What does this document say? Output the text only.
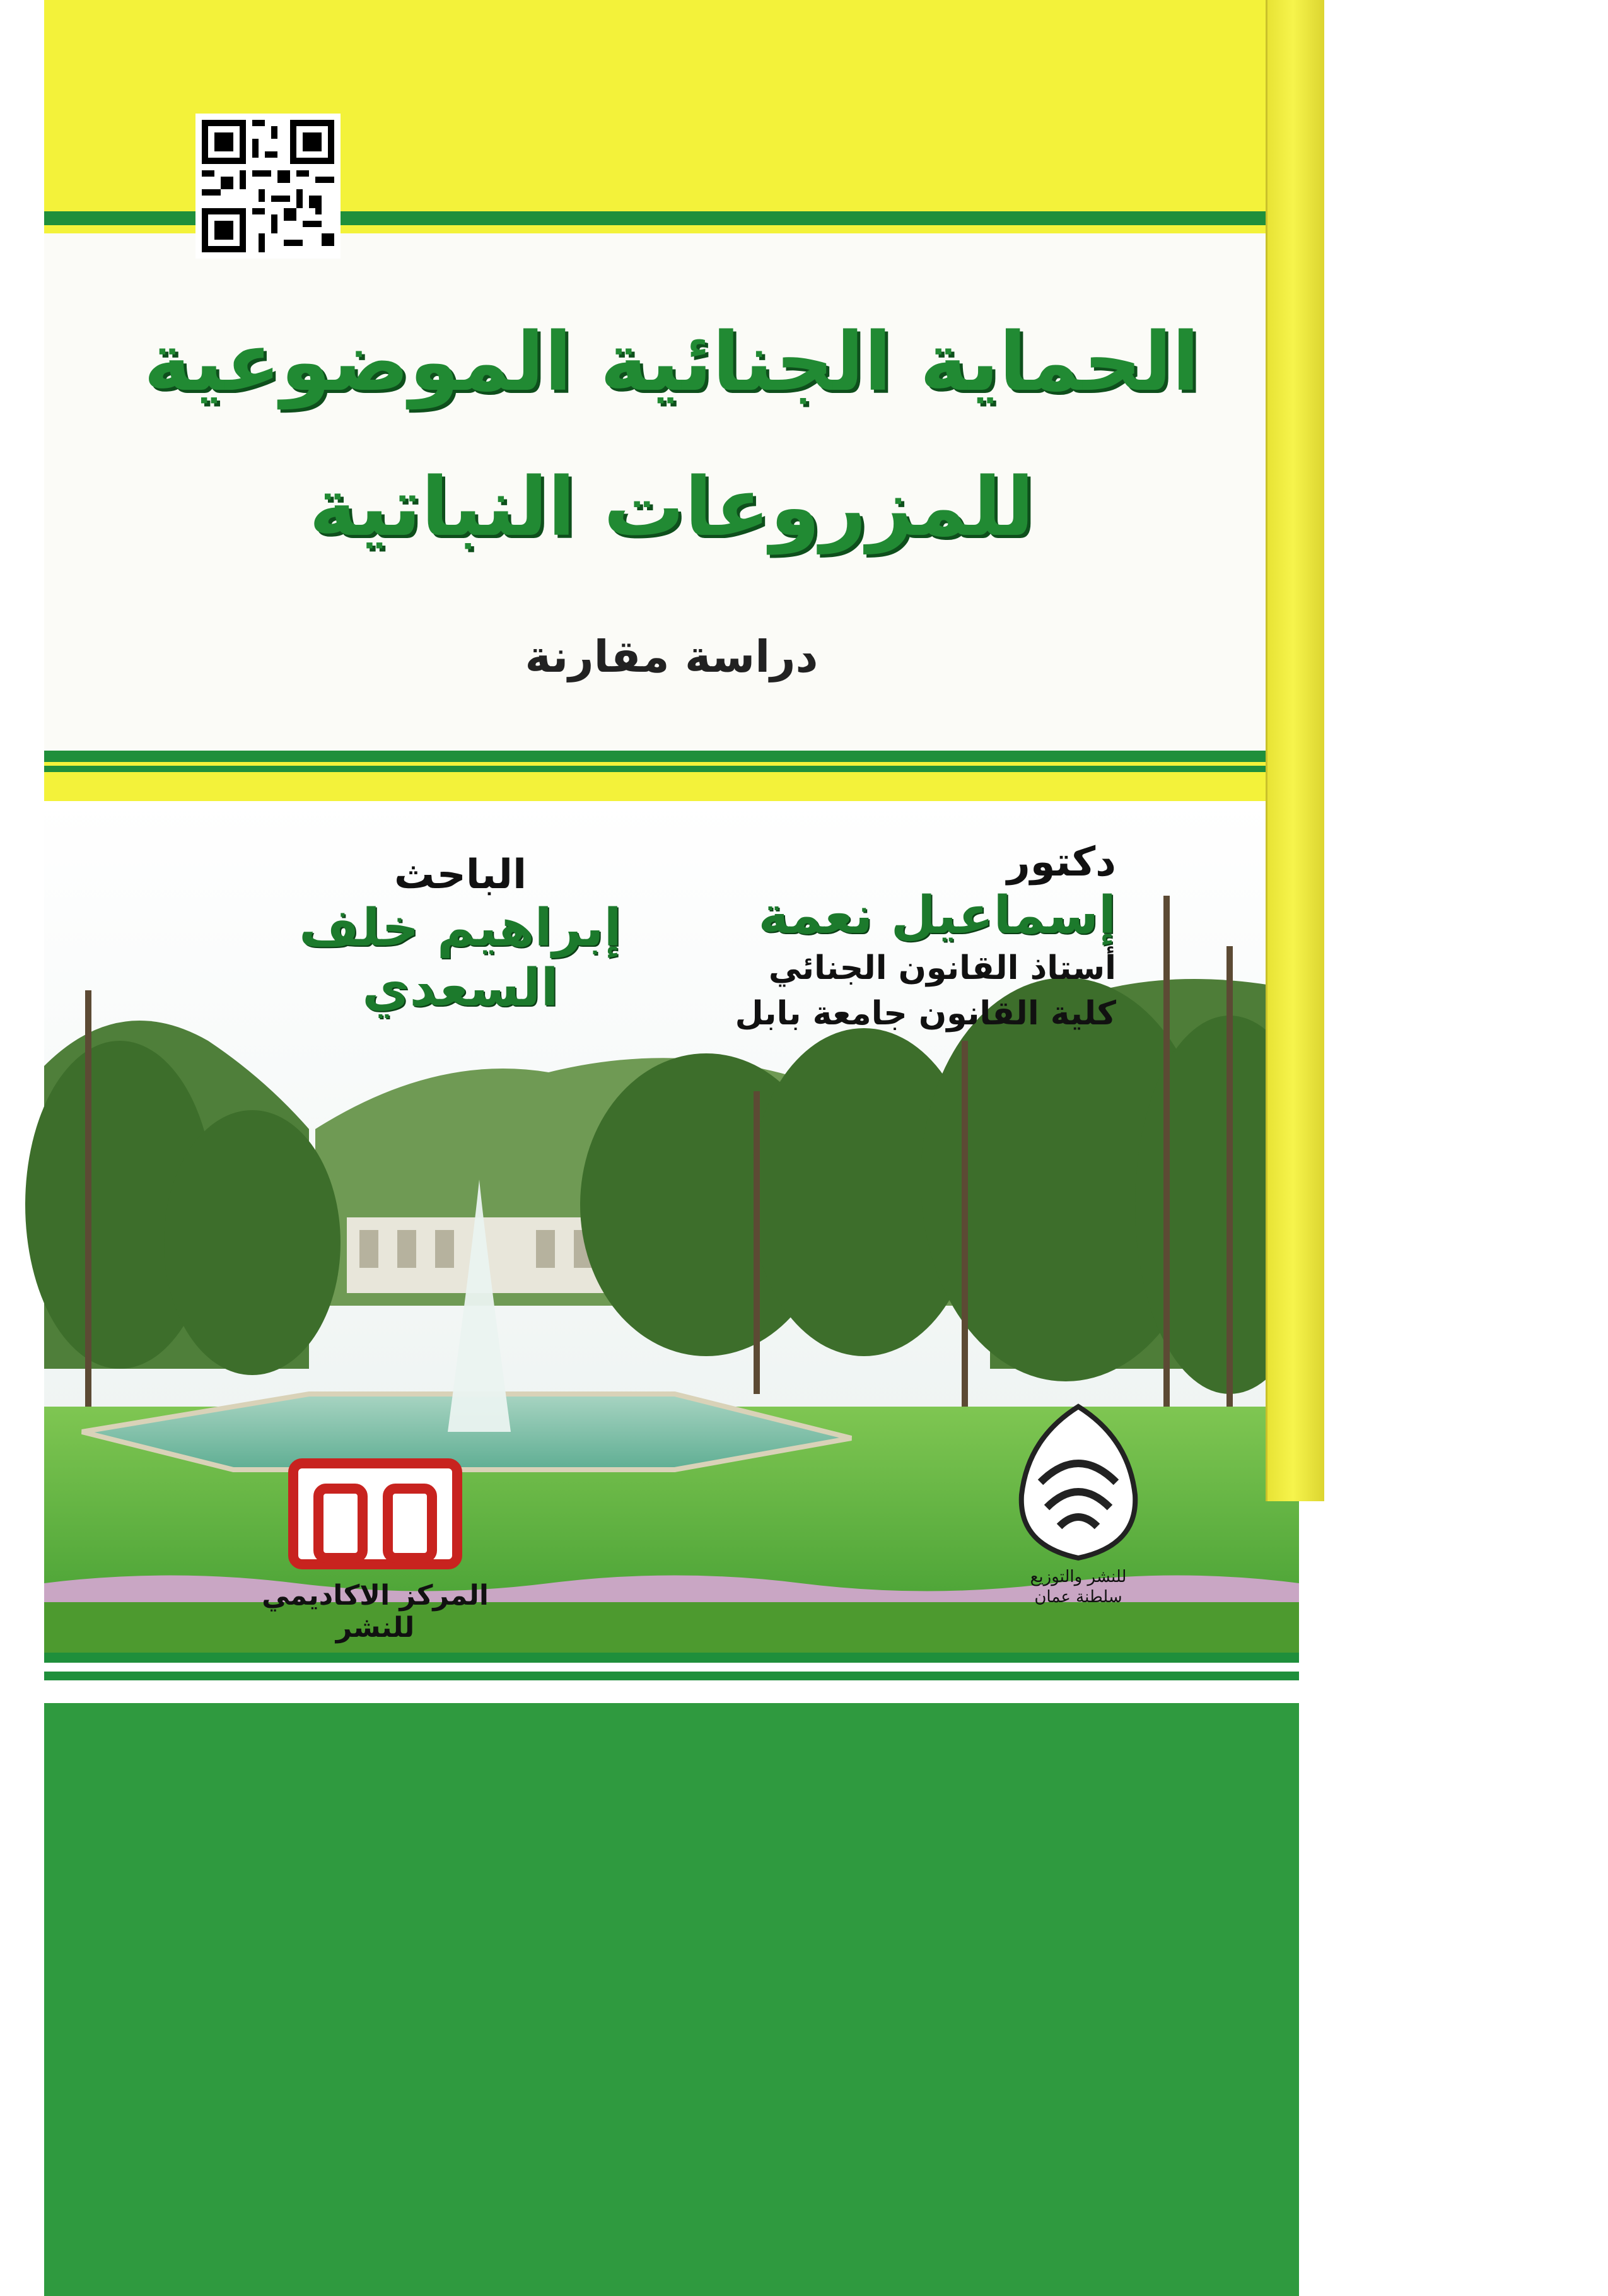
الحماية الجنائية الموضوعية
للمزروعات النباتية
دراسة مقارنة
دكتور
إسماعيل نعمة
أستاذ القانون الجنائي
كلية القانون جامعة بابل
الباحث
إبراهيم خلف السعدي
المركز الاكاديمي للنشر
للنشر والتوزيع
سلطنة عمان
